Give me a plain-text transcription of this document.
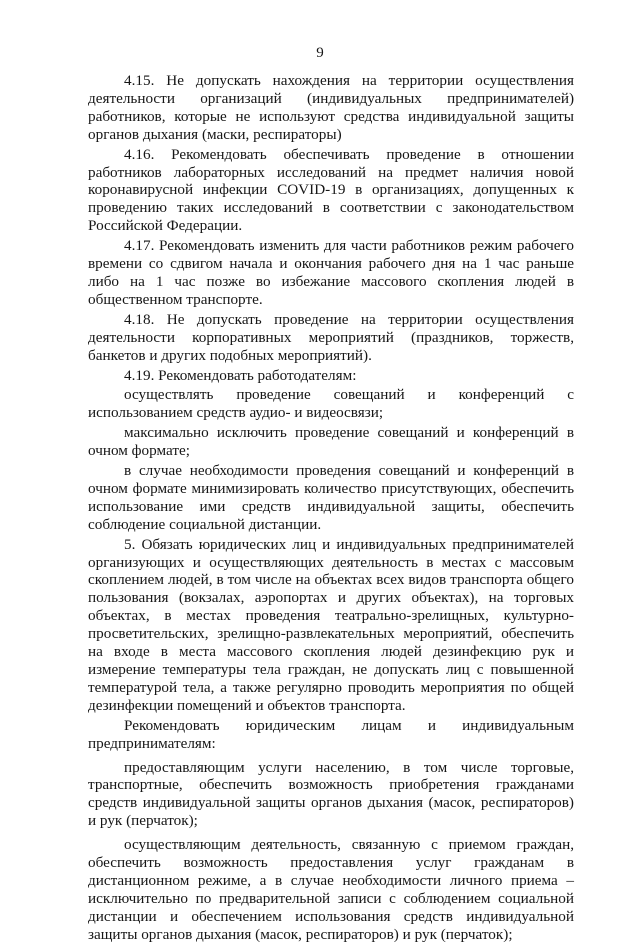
9

4.15. Не допускать нахождения на территории осуществления деятельности организаций (индивидуальных предпринимателей) работников, которые не используют средства индивидуальной защиты органов дыхания (маски, респираторы)

4.16. Рекомендовать обеспечивать проведение в отношении работников лабораторных исследований на предмет наличия новой коронавирусной инфекции COVID-19 в организациях, допущенных к проведению таких исследований в соответствии с законодательством Российской Федерации.

4.17. Рекомендовать изменить для части работников режим рабочего времени со сдвигом начала и окончания рабочего дня на 1 час раньше либо на 1 час позже во избежание массового скопления людей в общественном транспорте.

4.18. Не допускать проведение на территории осуществления деятельности корпоративных мероприятий (праздников, торжеств, банкетов и других подобных мероприятий).

4.19. Рекомендовать работодателям:

осуществлять проведение совещаний и конференций с использованием средств аудио- и видеосвязи;

максимально исключить проведение совещаний и конференций в очном формате;

в случае необходимости проведения совещаний и конференций в очном формате минимизировать количество присутствующих, обеспечить использование ими средств индивидуальной защиты, обеспечить соблюдение социальной дистанции.

5. Обязать юридических лиц и индивидуальных предпринимателей организующих и осуществляющих деятельность в местах с массовым скоплением людей, в том числе на объектах всех видов транспорта общего пользования (вокзалах, аэропортах и других объектах), на торговых объектах, в местах проведения театрально-зрелищных, культурно-просветительских, зрелищно-развлекательных мероприятий, обеспечить на входе в места массового скопления людей дезинфекцию рук и измерение температуры тела граждан, не допускать лиц с повышенной температурой тела, а также регулярно проводить мероприятия по общей дезинфекции помещений и объектов транспорта.

Рекомендовать юридическим лицам и индивидуальным предпринимателям:

предоставляющим услуги населению, в том числе торговые, транспортные, обеспечить возможность приобретения гражданами средств индивидуальной защиты органов дыхания (масок, респираторов) и рук (перчаток);

осуществляющим деятельность, связанную с приемом граждан, обеспечить возможность предоставления услуг гражданам в дистанционном режиме, а в случае необходимости личного приема – исключительно по предварительной записи с соблюдением социальной дистанции и обеспечением использования средств индивидуальной защиты органов дыхания (масок, респираторов) и рук (перчаток);
